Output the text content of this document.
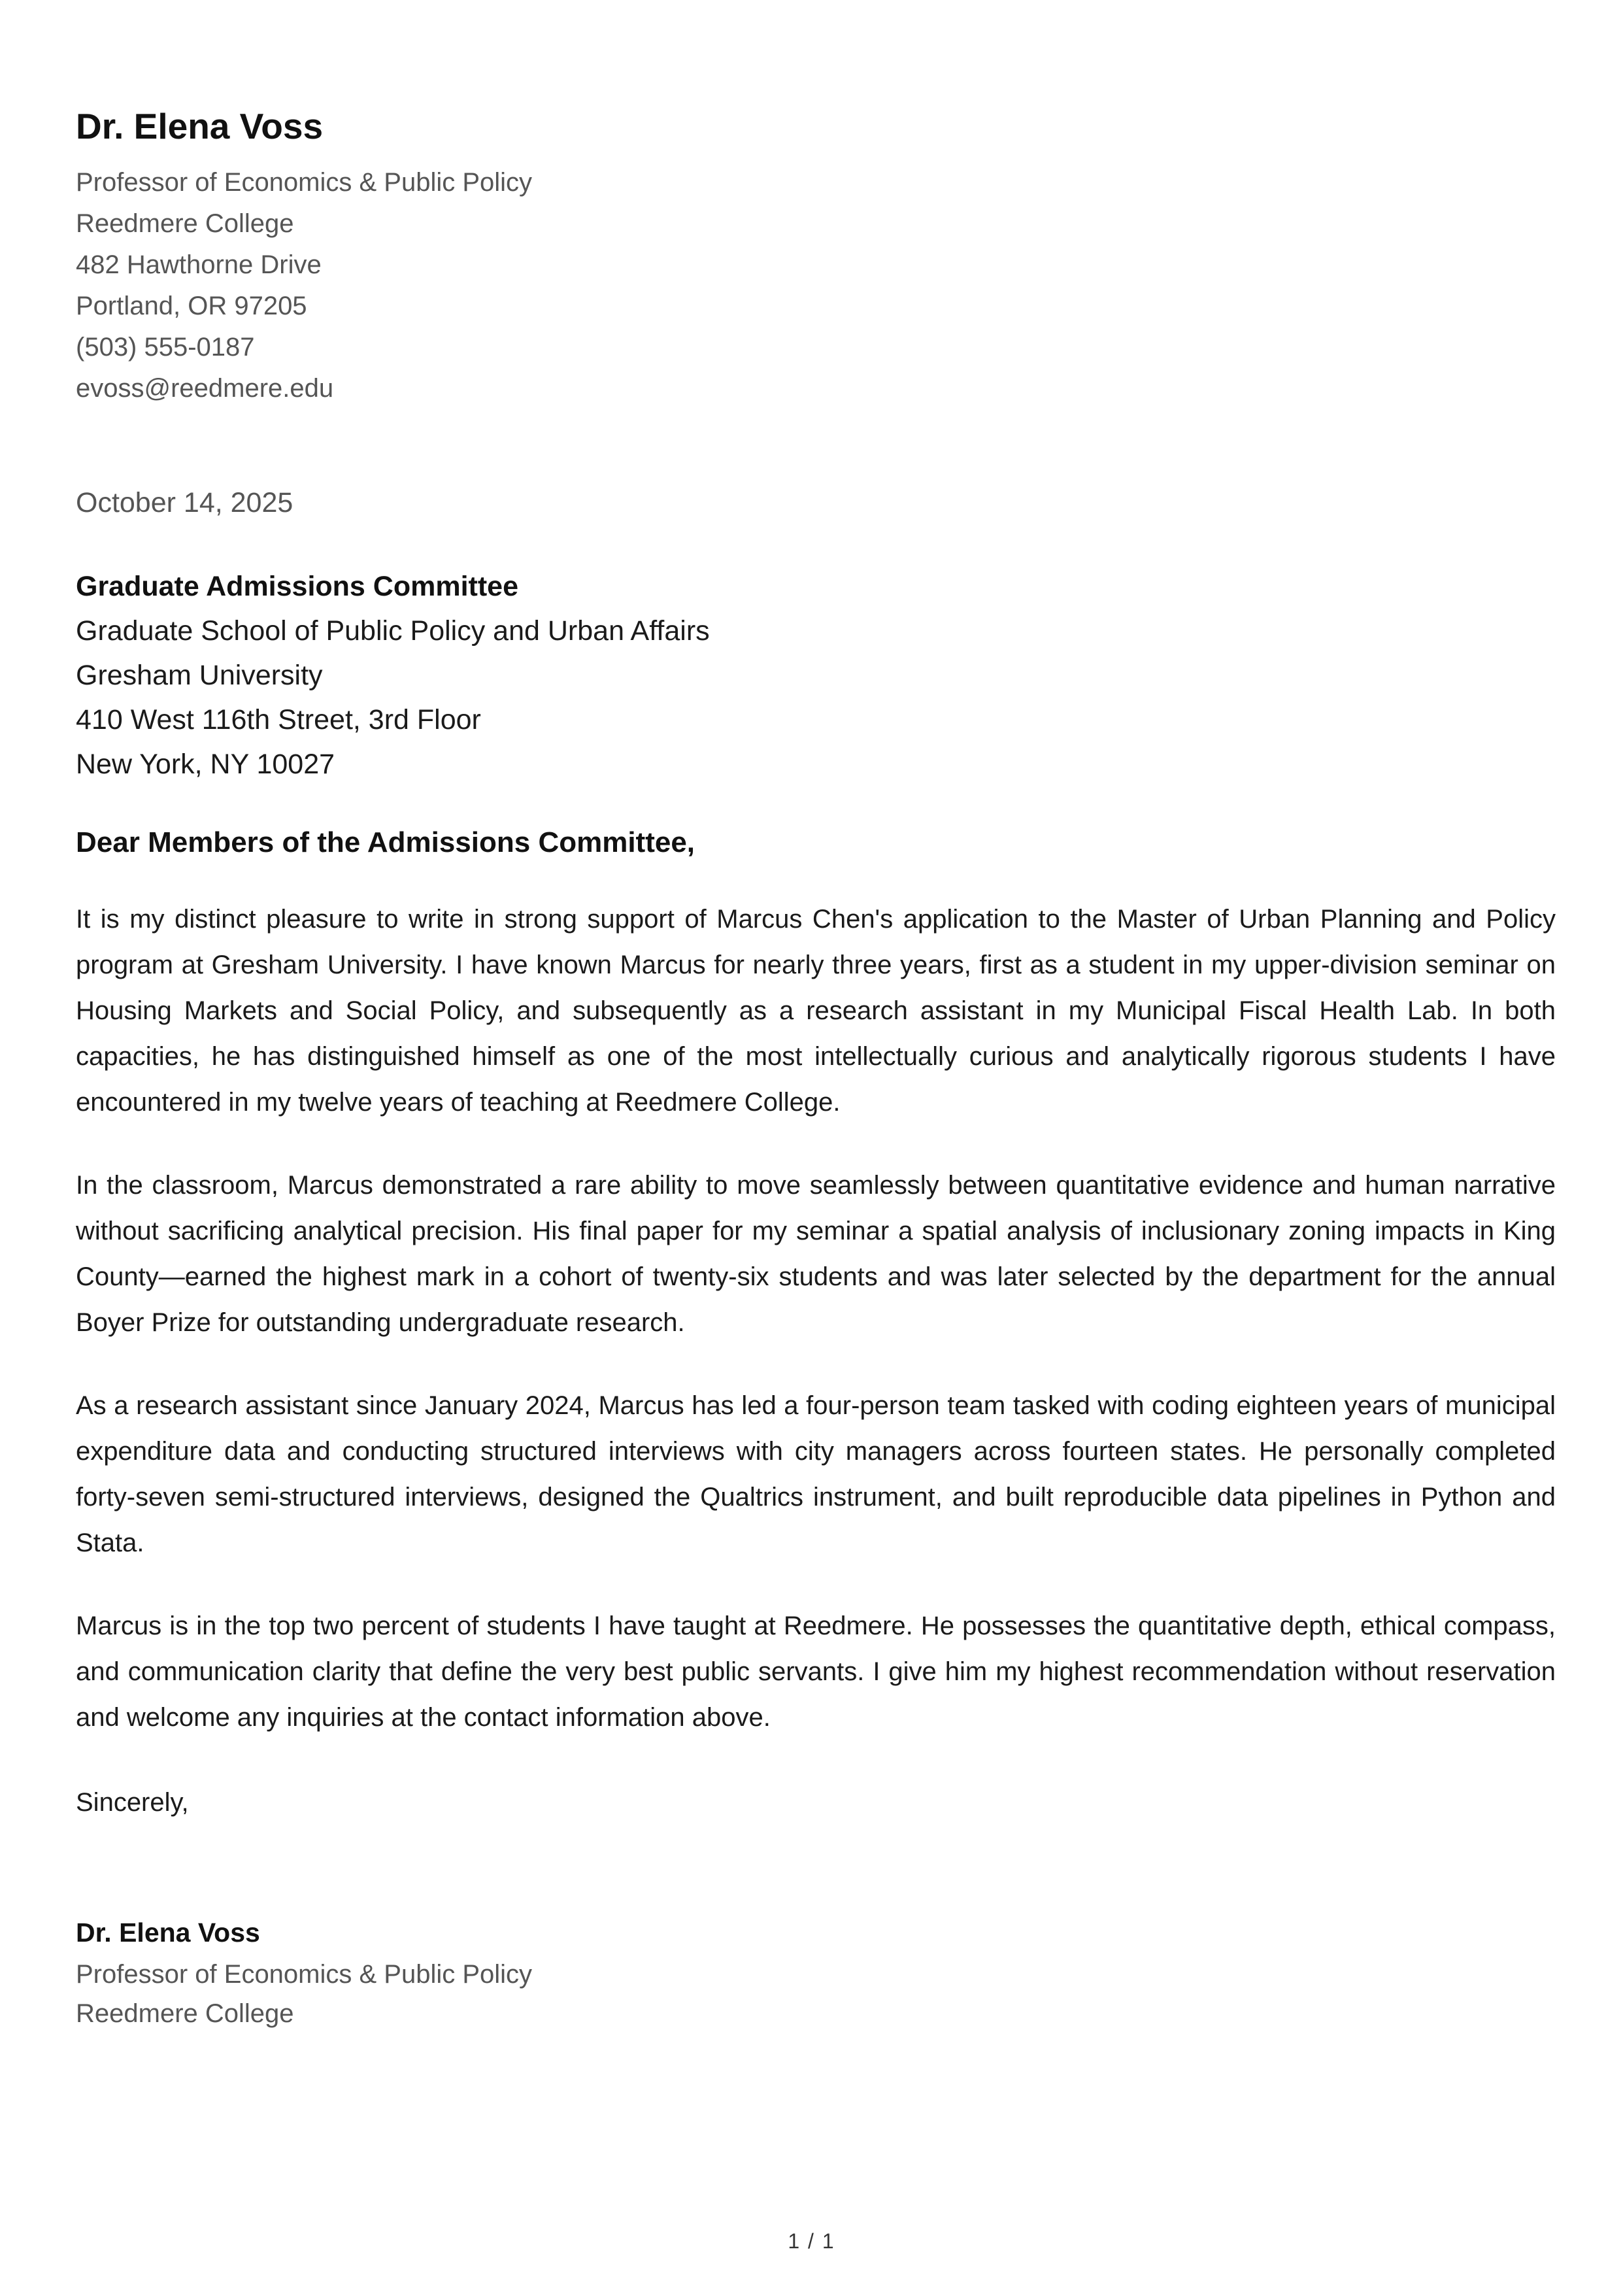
Dr. Elena Voss
Professor of Economics & Public Policy
Reedmere College
482 Hawthorne Drive
Portland, OR 97205
(503) 555-0187
evoss@reedmere.edu
October 14, 2025
Graduate Admissions Committee
Graduate School of Public Policy and Urban Affairs
Gresham University
410 West 116th Street, 3rd Floor
New York, NY 10027
Dear Members of the Admissions Committee,

It is my distinct pleasure to write in strong support of Marcus Chen's application to the Master of Urban Planning and Policy program at Gresham University. I have known Marcus for nearly three years, first as a student in my upper-division seminar on Housing Markets and Social Policy, and subsequently as a research assistant in my Municipal Fiscal Health Lab. In both capacities, he has distinguished himself as one of the most intellectually curious and analytically rigorous students I have encountered in my twelve years of teaching at Reedmere College.

In the classroom, Marcus demonstrated a rare ability to move seamlessly between quantitative evidence and human narrative without sacrificing analytical precision. His final paper for my seminar a spatial analysis of inclusionary zoning impacts in King County—earned the highest mark in a cohort of twenty-six students and was later selected by the department for the annual Boyer Prize for outstanding undergraduate research.

As a research assistant since January 2024, Marcus has led a four-person team tasked with coding eighteen years of municipal expenditure data and conducting structured interviews with city managers across fourteen states. He personally completed forty-seven semi-structured interviews, designed the Qualtrics instrument, and built reproducible data pipelines in Python and Stata.

Marcus is in the top two percent of students I have taught at Reedmere. He possesses the quantitative depth, ethical compass, and communication clarity that define the very best public servants. I give him my highest recommendation without reservation and welcome any inquiries at the contact information above.

Sincerely,
Dr. Elena Voss
Professor of Economics & Public Policy
Reedmere College
1 / 1
